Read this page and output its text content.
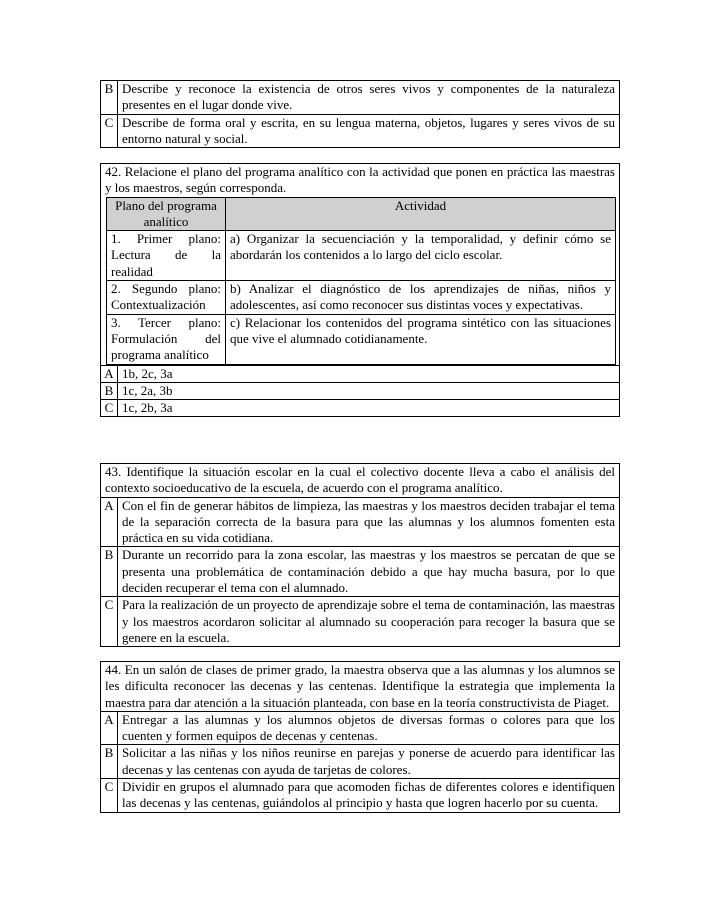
B	Describe y reconoce la existencia de otros seres vivos y componentes de la naturaleza presentes en el lugar donde vive.
C	Describe de forma oral y escrita, en su lengua materna, objetos, lugares y seres vivos de su entorno natural y social.
42. Relacione el plano del programa analítico con la actividad que ponen en práctica las maestras y los maestros, según corresponda.
Plano del programa analítico	Actividad
1. Primer plano: Lectura de la realidad	a) Organizar la secuenciación y la temporalidad, y definir cómo se abordarán los contenidos a lo largo del ciclo escolar.
2. Segundo plano: Contextualización	b) Analizar el diagnóstico de los aprendizajes de niñas, niños y adolescentes, así como reconocer sus distintas voces y expectativas.
3. Tercer plano: Formulación del programa analítico	c) Relacionar los contenidos del programa sintético con las situaciones que vive el alumnado cotidianamente.
A	1b, 2c, 3a
B	1c, 2a, 3b
C	1c, 2b, 3a
43. Identifique la situación escolar en la cual el colectivo docente lleva a cabo el análisis del contexto socioeducativo de la escuela, de acuerdo con el programa analítico.
A	Con el fin de generar hábitos de limpieza, las maestras y los maestros deciden trabajar el tema de la separación correcta de la basura para que las alumnas y los alumnos fomenten esta práctica en su vida cotidiana.
B	Durante un recorrido para la zona escolar, las maestras y los maestros se percatan de que se presenta una problemática de contaminación debido a que hay mucha basura, por lo que deciden recuperar el tema con el alumnado.
C	Para la realización de un proyecto de aprendizaje sobre el tema de contaminación, las maestras y los maestros acordaron solicitar al alumnado su cooperación para recoger la basura que se genere en la escuela.
44. En un salón de clases de primer grado, la maestra observa que a las alumnas y los alumnos se les dificulta reconocer las decenas y las centenas. Identifique la estrategia que implementa la maestra para dar atención a la situación planteada, con base en la teoría constructivista de Piaget.
A	Entregar a las alumnas y los alumnos objetos de diversas formas o colores para que los cuenten y formen equipos de decenas y centenas.
B	Solicitar a las niñas y los niños reunirse en parejas y ponerse de acuerdo para identificar las decenas y las centenas con ayuda de tarjetas de colores.
C	Dividir en grupos el alumnado para que acomoden fichas de diferentes colores e identifiquen las decenas y las centenas, guiándolos al principio y hasta que logren hacerlo por su cuenta.
